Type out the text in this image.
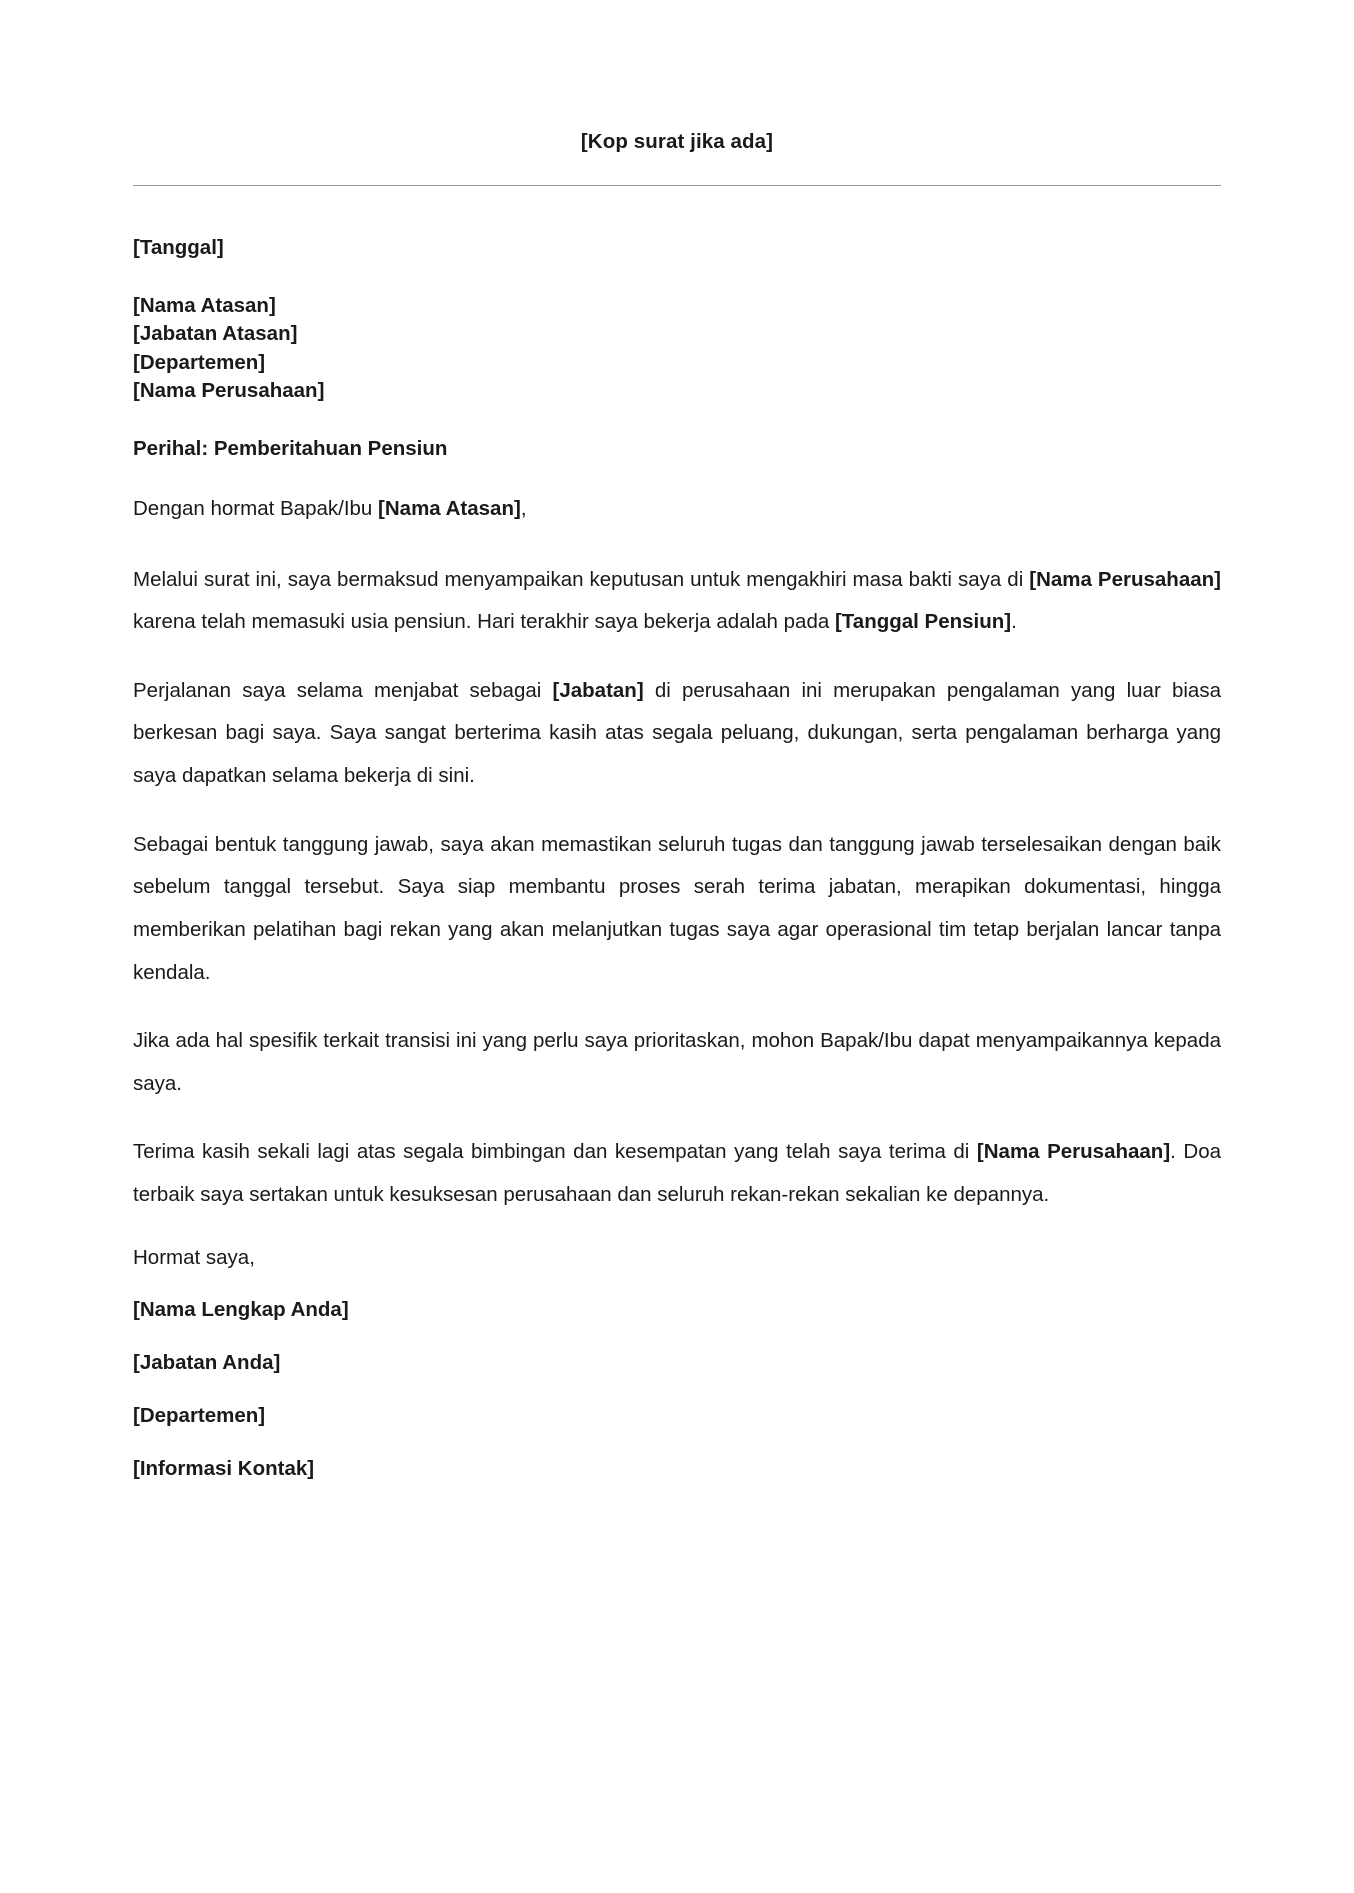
[Kop surat jika ada]
[Tanggal]
[Nama Atasan]
[Jabatan Atasan]
[Departemen]
[Nama Perusahaan]
Perihal: Pemberitahuan Pensiun
Dengan hormat Bapak/Ibu [Nama Atasan],
Melalui surat ini, saya bermaksud menyampaikan keputusan untuk mengakhiri masa bakti saya di [Nama Perusahaan] karena telah memasuki usia pensiun. Hari terakhir saya bekerja adalah pada [Tanggal Pensiun].
Perjalanan saya selama menjabat sebagai [Jabatan] di perusahaan ini merupakan pengalaman yang luar biasa berkesan bagi saya. Saya sangat berterima kasih atas segala peluang, dukungan, serta pengalaman berharga yang saya dapatkan selama bekerja di sini.
Sebagai bentuk tanggung jawab, saya akan memastikan seluruh tugas dan tanggung jawab terselesaikan dengan baik sebelum tanggal tersebut. Saya siap membantu proses serah terima jabatan, merapikan dokumentasi, hingga memberikan pelatihan bagi rekan yang akan melanjutkan tugas saya agar operasional tim tetap berjalan lancar tanpa kendala.
Jika ada hal spesifik terkait transisi ini yang perlu saya prioritaskan, mohon Bapak/Ibu dapat menyampaikannya kepada saya.
Terima kasih sekali lagi atas segala bimbingan dan kesempatan yang telah saya terima di [Nama Perusahaan]. Doa terbaik saya sertakan untuk kesuksesan perusahaan dan seluruh rekan-rekan sekalian ke depannya.
Hormat saya,
[Nama Lengkap Anda]
[Jabatan Anda]
[Departemen]
[Informasi Kontak]
